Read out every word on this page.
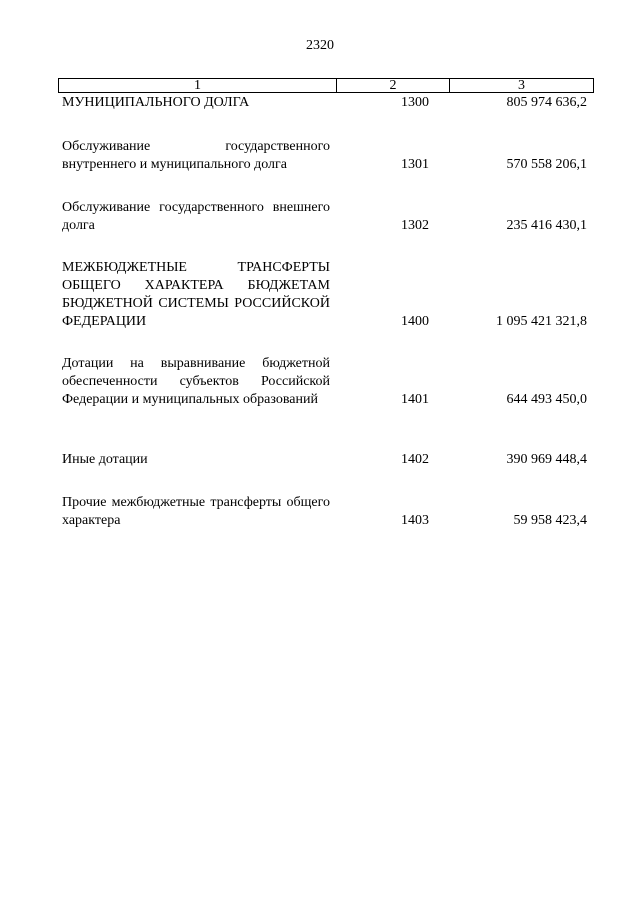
2320
1	2	3
МУНИЦИПАЛЬНОГО ДОЛГА	1300	805 974 636,2
Обслуживание государственного внутреннего и муниципального долга	1301	570 558 206,1
Обслуживание государственного внешнего долга	1302	235 416 430,1
МЕЖБЮДЖЕТНЫЕ ТРАНСФЕРТЫ ОБЩЕГО ХАРАКТЕРА БЮДЖЕТАМ БЮДЖЕТНОЙ СИСТЕМЫ РОССИЙСКОЙ ФЕДЕРАЦИИ	1400	1 095 421 321,8
Дотации на выравнивание бюджетной обеспеченности субъектов Российской Федерации и муниципальных образований	1401	644 493 450,0
Иные дотации	1402	390 969 448,4
Прочие межбюджетные трансферты общего характера	1403	59 958 423,4
